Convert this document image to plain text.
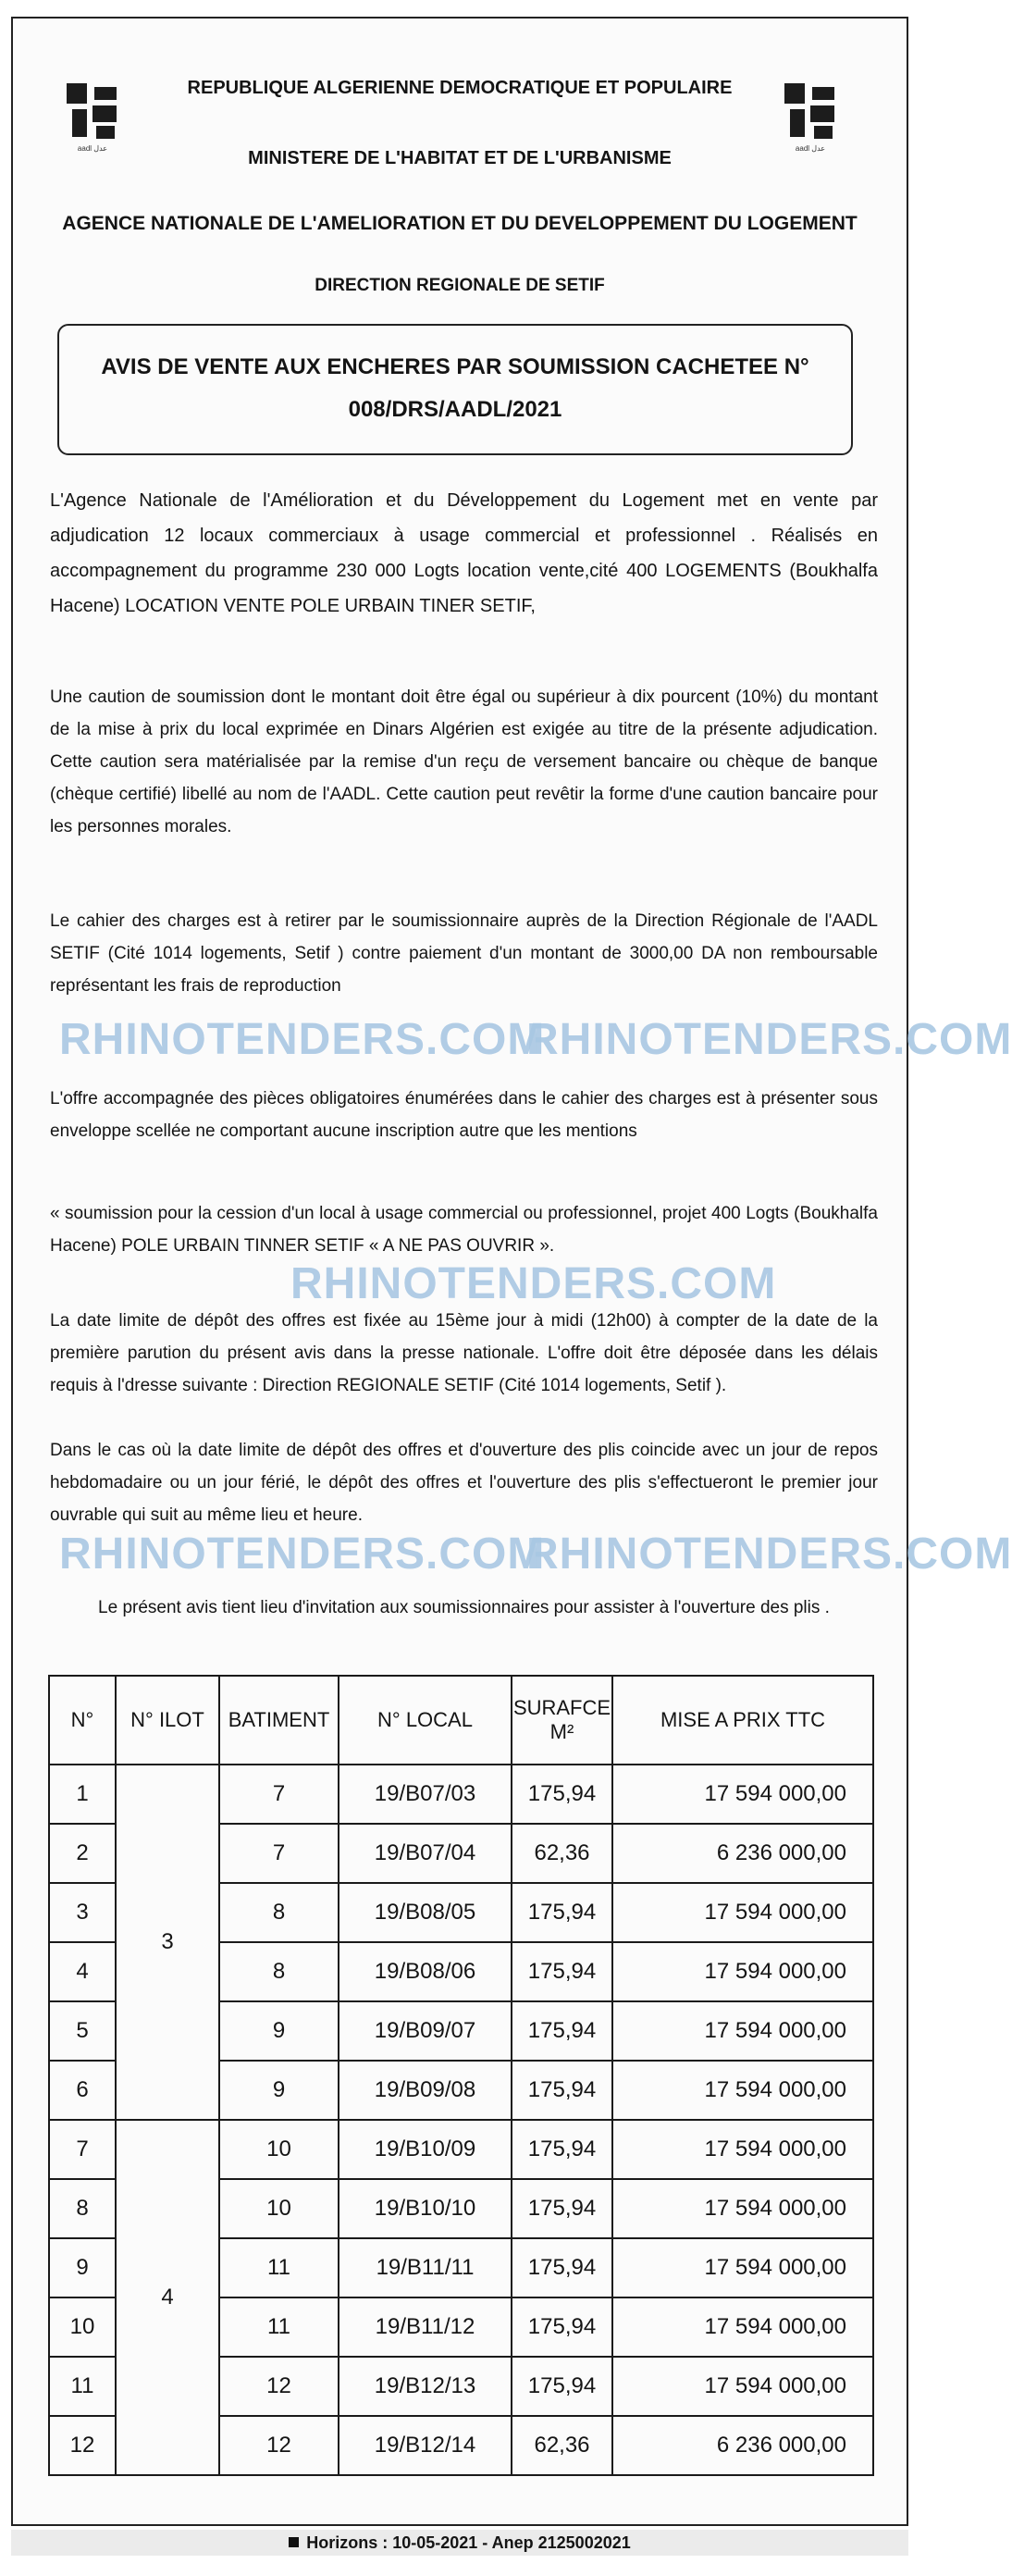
aadl عدل	aadl عدل
REPUBLIQUE ALGERIENNE DEMOCRATIQUE ET POPULAIRE
MINISTERE DE L'HABITAT ET DE L'URBANISME
AGENCE NATIONALE DE L'AMELIORATION ET DU DEVELOPPEMENT DU LOGEMENT
DIRECTION REGIONALE DE SETIF
AVIS DE VENTE AUX ENCHERES PAR SOUMISSION CACHETEE N°
008/DRS/AADL/2021
L'Agence Nationale de l'Amélioration et du Développement du Logement met en vente par adjudication 12 locaux commerciaux à usage commercial et professionnel . Réalisés en accompagnement du programme 230 000 Logts location vente,cité 400 LOGEMENTS (Boukhalfa Hacene) LOCATION VENTE POLE URBAIN TINER SETIF,
Une caution de soumission dont le montant doit être égal ou supérieur à dix pourcent (10%) du montant de la mise à prix du local exprimée en Dinars Algérien est exigée au titre de la présente adjudication. Cette caution sera matérialisée par la remise d'un reçu de versement bancaire ou chèque de banque (chèque certifié) libellé au nom de l'AADL. Cette caution peut revêtir la forme d'une caution bancaire pour les personnes morales.
Le cahier des charges est à retirer par le soumissionnaire auprès de la Direction Régionale de l'AADL SETIF (Cité 1014 logements, Setif ) contre paiement d'un montant de 3000,00 DA non remboursable représentant les frais de reproduction
L'offre accompagnée des pièces obligatoires énumérées dans le cahier des charges est à présenter sous enveloppe scellée ne comportant aucune inscription autre que les mentions
« soumission pour la cession d'un local à usage commercial ou professionnel, projet 400 Logts (Boukhalfa Hacene) POLE URBAIN TINNER SETIF « A NE PAS OUVRIR ».
La date limite de dépôt des offres est fixée au 15ème jour à midi (12h00) à compter de la date de la première parution du présent avis dans la presse nationale. L'offre doit être déposée dans les délais requis à l'dresse suivante : Direction REGIONALE SETIF (Cité 1014 logements, Setif ).
Dans le cas où la date limite de dépôt des offres et d'ouverture des plis coincide avec un jour de repos hebdomadaire ou un jour férié, le dépôt des offres et l'ouverture des plis s'effectueront le premier jour ouvrable qui suit au même lieu et heure.
Le présent avis tient lieu d'invitation aux soumissionnaires pour assister à l'ouverture des plis .
RHINOTENDERS.COM
RHINOTENDERS.COM
RHINOTENDERS.COM
RHINOTENDERS.COM
RHINOTENDERS.COM
N°	N° ILOT	BATIMENT	N° LOCAL	SURAFCE M²	MISE A PRIX TTC
1	3	7	19/B07/03	175,94	17 594 000,00
2		7	19/B07/04	62,36	6 236 000,00
3		8	19/B08/05	175,94	17 594 000,00
4		8	19/B08/06	175,94	17 594 000,00
5		9	19/B09/07	175,94	17 594 000,00
6		9	19/B09/08	175,94	17 594 000,00
7	4	10	19/B10/09	175,94	17 594 000,00
8		10	19/B10/10	175,94	17 594 000,00
9		11	19/B11/11	175,94	17 594 000,00
10		11	19/B11/12	175,94	17 594 000,00
11		12	19/B12/13	175,94	17 594 000,00
12		12	19/B12/14	62,36	6 236 000,00
Horizons : 10-05-2021 - Anep 2125002021
